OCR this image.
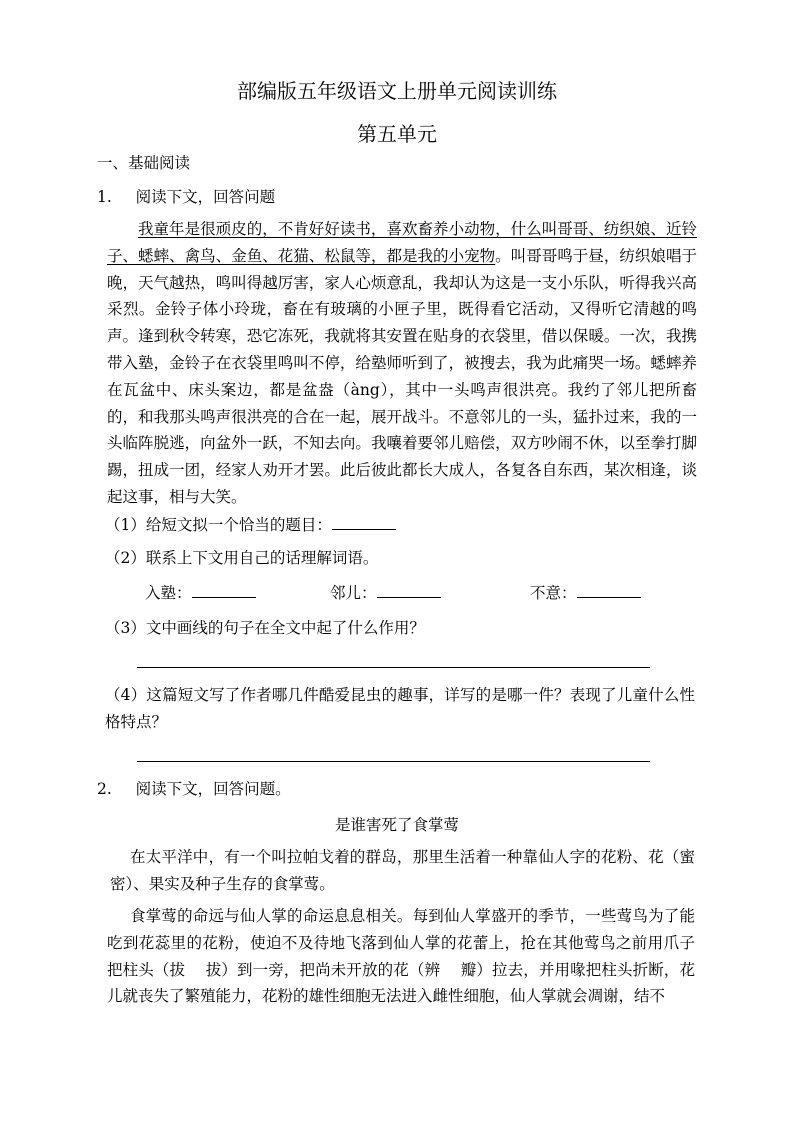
部编版五年级语文上册单元阅读训练
第五单元
一、基础阅读
1. 阅读下文，回答问题
我童年是很顽皮的，不肯好好读书，喜欢畜养小动物，什么叫哥哥、纺织娘、近铃子、蟋蟀、禽鸟、金鱼、花猫、松鼠等，都是我的小宠物。叫哥哥鸣于昼，纺织娘唱于晚，天气越热，鸣叫得越厉害，家人心烦意乱，我却认为这是一支小乐队，听得我兴高采烈。金铃子体小玲珑，畜在有玻璃的小匣子里，既得看它活动，又得听它清越的鸣声。逢到秋令转寒，恐它冻死，我就将其安置在贴身的衣袋里，借以保暖。一次，我携带入塾，金铃子在衣袋里鸣叫不停，给塾师听到了，被搜去，我为此痛哭一场。蟋蟀养在瓦盆中、床头案边，都是盆盎（àng），其中一头鸣声很洪亮。我约了邻儿把所畜的，和我那头鸣声很洪亮的合在一起，展开战斗。不意邻儿的一头，猛扑过来，我的一头临阵脱逃，向盆外一跃，不知去向。我嚷着要邻儿赔偿，双方吵闹不休，以至拳打脚踢，扭成一团，经家人劝开才罢。此后彼此都长大成人，各复各自东西，某次相逢，谈起这事，相与大笑。
（1）给短文拟一个恰当的题目：
（2）联系上下文用自己的话理解词语。
入塾：	邻儿：	不意：
（3）文中画线的句子在全文中起了什么作用？
（4）这篇短文写了作者哪几件酷爱昆虫的趣事，详写的是哪一件？表现了儿童什么性格特点？
2. 阅读下文，回答问题。
是谁害死了食掌莺
在太平洋中，有一个叫拉帕戈着的群岛，那里生活着一种靠仙人字的花粉、花（蜜密）、果实及种子生存的食掌莺。
食掌莺的命远与仙人掌的命运息息相关。每到仙人掌盛开的季节，一些莺鸟为了能吃到花蕊里的花粉，使迫不及待地飞落到仙人掌的花蕾上，抢在其他莺鸟之前用爪子把柱头（拔　 拔）到一旁，把尚未开放的花（辨　 瓣）拉去，并用喙把柱头折断，花儿就丧失了繁殖能力，花粉的雄性细胞无法进入雌性细胞，仙人掌就会凋谢，结不
